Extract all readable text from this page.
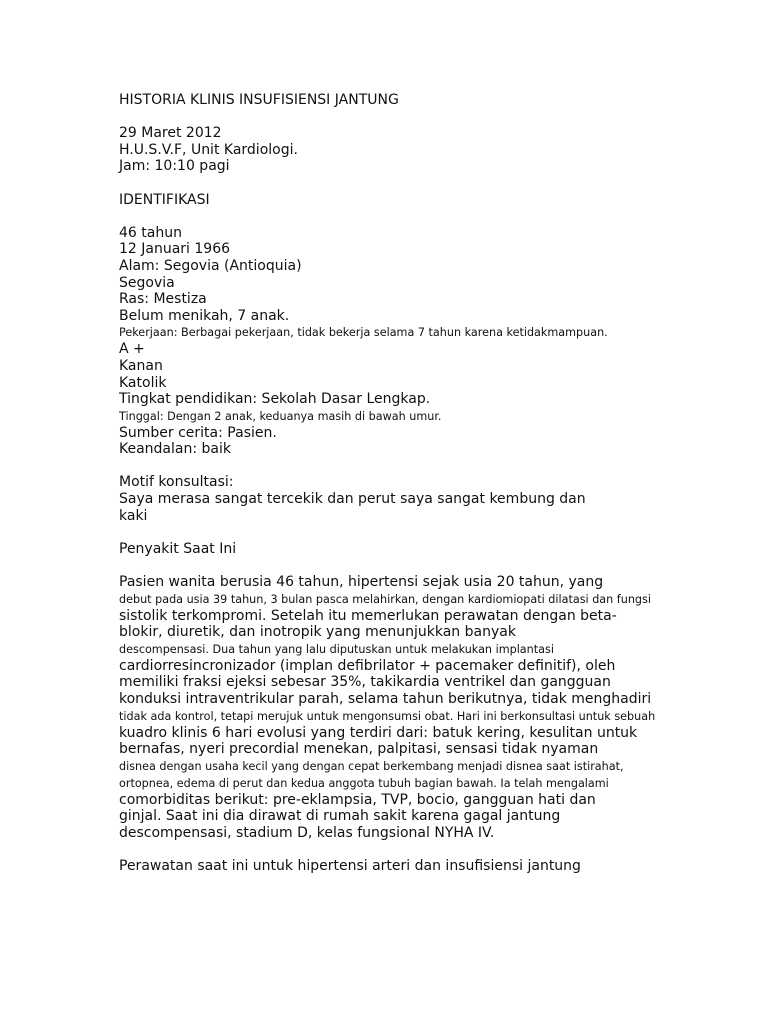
HISTORIA KLINIS INSUFISIENSI JANTUNG
29 Maret 2012
H.U.S.V.F, Unit Kardiologi.
Jam: 10:10 pagi
IDENTIFIKASI
46 tahun
12 Januari 1966
Alam: Segovia (Antioquia)
Segovia
Ras: Mestiza
Belum menikah, 7 anak.
Pekerjaan: Berbagai pekerjaan, tidak bekerja selama 7 tahun karena ketidakmampuan.
A +
Kanan
Katolik
Tingkat pendidikan: Sekolah Dasar Lengkap.
Tinggal: Dengan 2 anak, keduanya masih di bawah umur.
Sumber cerita: Pasien.
Keandalan: baik
Motif konsultasi:
Saya merasa sangat tercekik dan perut saya sangat kembung dan
kaki
Penyakit Saat Ini
Pasien wanita berusia 46 tahun, hipertensi sejak usia 20 tahun, yang
debut pada usia 39 tahun, 3 bulan pasca melahirkan, dengan kardiomiopati dilatasi dan fungsi
sistolik terkompromi. Setelah itu memerlukan perawatan dengan beta-
blokir, diuretik, dan inotropik yang menunjukkan banyak
descompensasi. Dua tahun yang lalu diputuskan untuk melakukan implantasi
cardiorresincronizador (implan defibrilator + pacemaker definitif), oleh
memiliki fraksi ejeksi sebesar 35%, takikardia ventrikel dan gangguan
konduksi intraventrikular parah, selama tahun berikutnya, tidak menghadiri
tidak ada kontrol, tetapi merujuk untuk mengonsumsi obat. Hari ini berkonsultasi untuk sebuah
kuadro klinis 6 hari evolusi yang terdiri dari: batuk kering, kesulitan untuk
bernafas, nyeri precordial menekan, palpitasi, sensasi tidak nyaman
disnea dengan usaha kecil yang dengan cepat berkembang menjadi disnea saat istirahat,
ortopnea, edema di perut dan kedua anggota tubuh bagian bawah. Ia telah mengalami
comorbiditas berikut: pre-eklampsia, TVP, bocio, gangguan hati dan
ginjal. Saat ini dia dirawat di rumah sakit karena gagal jantung
descompensasi, stadium D, kelas fungsional NYHA IV.
Perawatan saat ini untuk hipertensi arteri dan insufisiensi jantung
